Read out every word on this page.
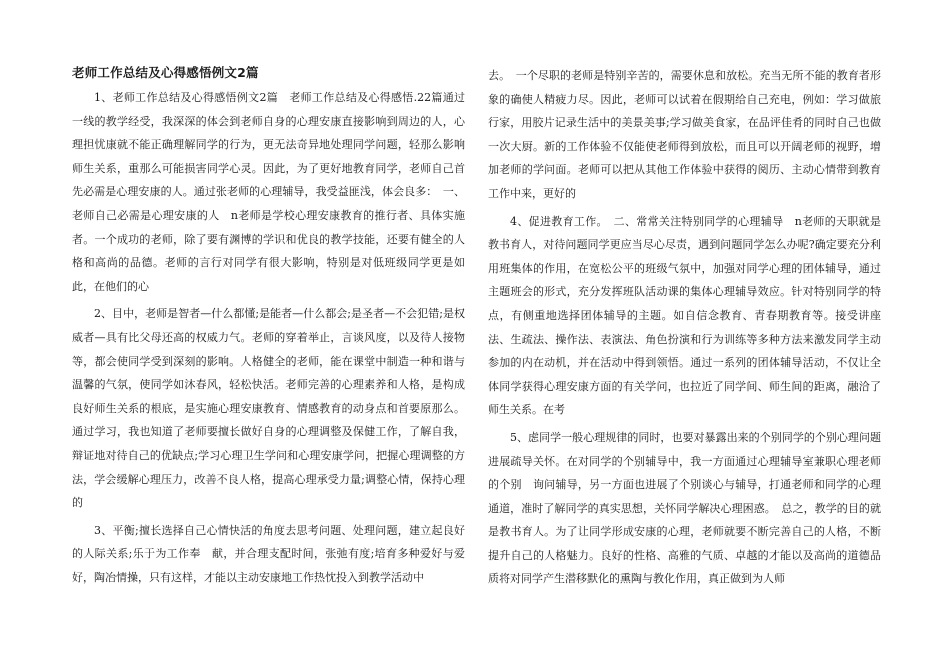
老师工作总结及心得感悟例文2篇

1、老师工作总结及心得感悟例文2篇　老师工作总结及心得感悟.22篇通过一线的教学经受，我深深的体会到老师自身的心理安康直接影响到周边的人，心理担忧康就不能正确理解同学的行为，更无法奇异地处理同学问题，轻那么影响师生关系，重那么可能损害同学心灵。因此，为了更好地教育同学，老师自己首先必需是心理安康的人。通过张老师的心理辅导，我受益匪浅，体会良多：　一、老师自己必需是心理安康的人　n老师是学校心理安康教育的推行者、具体实施者。一个成功的老师，除了要有渊博的学识和优良的教学技能，还要有健全的人格和高尚的品德。老师的言行对同学有很大影响，特别是对低班级同学更是如此，在他们的心

2、目中，老师是智者—什么都懂;是能者—什么都会;是圣者—不会犯错;是权威者—具有比父母还高的权威力气。老师的穿着举止，言谈风度，以及待人接物等，都会使同学受到深刻的影响。人格健全的老师，能在课堂中制造一种和谐与温馨的气氛，使同学如沐春风，轻松快活。老师完善的心理素养和人格，是构成良好师生关系的根底，是实施心理安康教育、情感教育的动身点和首要原那么。通过学习，我也知道了老师要擅长做好自身的心理调整及保健工作，了解自我，辩证地对待自己的优缺点;学习心理卫生学问和心理安康学问，把握心理调整的方法，学会缓解心理压力，改善不良人格，提高心理承受力量;调整心情，保持心理的

3、平衡;擅长选择自己心情快活的角度去思考问题、处理问题，建立起良好的人际关系;乐于为工作奉　献，并合理支配时间，张弛有度;培育多种爱好与爱好，陶冶情操，只有这样，才能以主动安康地工作热忱投入到教学活动中

去。　一个尽职的老师是特别辛苦的，需要休息和放松。充当无所不能的教育者形象的确使人精疲力尽。因此，老师可以试着在假期给自己充电，例如：学习做旅行家，用胶片记录生活中的美景美事;学习做美食家，在品评佳肴的同时自己也做一次大厨。新的工作体验不仅能使老师得到放松，而且可以开阔老师的视野，增加老师的学问面。老师可以把从其他工作体验中获得的阅历、主动心情带到教育工作中来，更好的

4、促进教育工作。　二、常常关注特别同学的心理辅导　n老师的天职就是教书育人，对待问题同学更应当尽心尽责，遇到问题同学怎么办呢?确定要充分利用班集体的作用，在宽松公平的班级气氛中，加强对同学心理的团体辅导，通过主题班会的形式，充分发挥班队活动课的集体心理辅导效应。针对特别同学的特点，有侧重地选择团体辅导的主题。如自信念教育、青春期教育等。接受讲座法、生疏法、操作法、表演法、角色扮演和行为训练等多种方法来激发同学主动参加的内在动机，并在活动中得到领悟。通过一系列的团体辅导活动，不仅让全体同学获得心理安康方面的有关学问，也拉近了同学间、师生间的距离，融洽了师生关系。在考

5、虑同学一般心理规律的同时，也要对暴露出来的个别同学的个别心理问题进展疏导关怀。在对同学的个别辅导中，我一方面通过心理辅导室兼职心理老师的个别　询问辅导，另一方面也进展了个别谈心与辅导，打通老师和同学的心理通道，准时了解同学的真实思想，关怀同学解决心理困惑。　总之，教学的目的就是教书育人。为了让同学形成安康的心理，老师就要不断完善自己的人格，不断提升自己的人格魅力。良好的性格、高雅的气质、卓越的才能以及高尚的道德品质将对同学产生潜移默化的熏陶与教化作用，真正做到为人师
